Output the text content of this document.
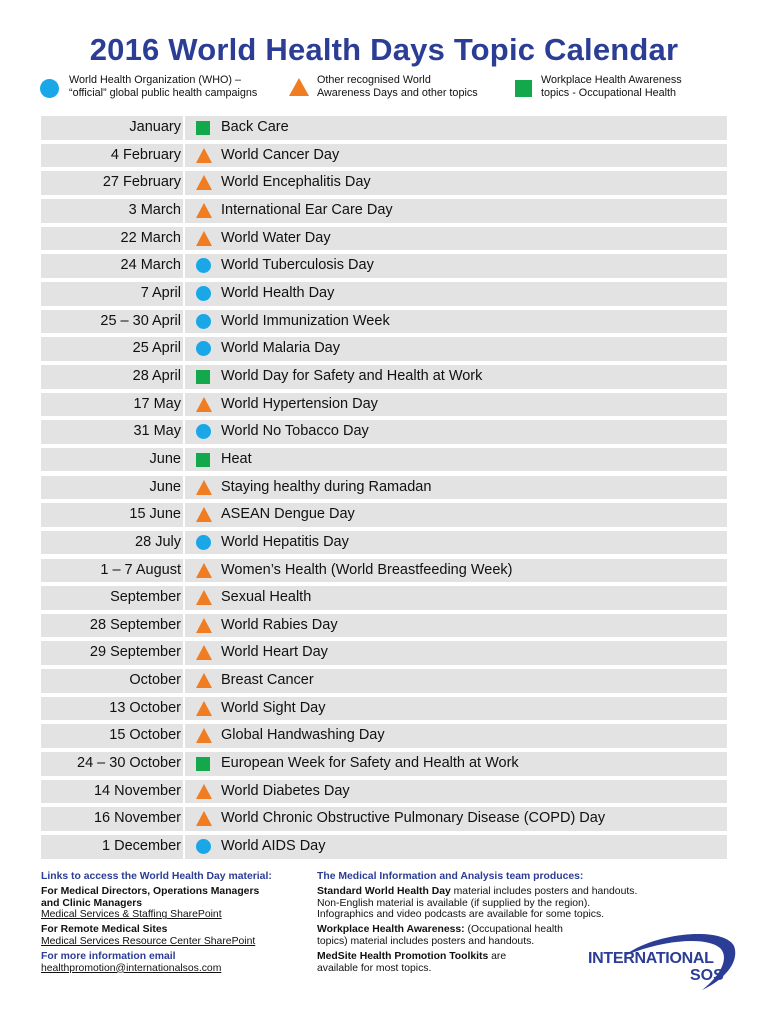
2016 World Health Days Topic Calendar
World Health Organization (WHO) –
“official” global public health campaigns
Other recognised World
Awareness Days and other topics
Workplace Health Awareness
topics - Occupational Health
January	Back Care
4 February	World Cancer Day
27 February	World Encephalitis Day
3 March	International Ear Care Day
22 March	World Water Day
24 March	World Tuberculosis Day
7 April	World Health Day
25 – 30 April	World Immunization Week
25 April	World Malaria Day
28 April	World Day for Safety and Health at Work
17 May	World Hypertension Day
31 May	World No Tobacco Day
June	Heat
June	Staying healthy during Ramadan
15 June	ASEAN Dengue Day
28 July	World Hepatitis Day
1 – 7 August	Women’s Health (World Breastfeeding Week)
September	Sexual Health
28 September	World Rabies Day
29 September	World Heart Day
October	Breast Cancer
13 October	World Sight Day
15 October	Global Handwashing Day
24 – 30 October	European Week for Safety and Health at Work
14 November	World Diabetes Day
16 November	World Chronic Obstructive Pulmonary Disease (COPD) Day
1 December	World AIDS Day
Links to access the World Health Day material:
For Medical Directors, Operations Managers
and Clinic Managers
Medical Services & Staffing SharePoint
For Remote Medical Sites
Medical Services Resource Center SharePoint
For more information email
healthpromotion@internationalsos.com
The Medical Information and Analysis team produces:
Standard World Health Day material includes posters and handouts.
Non-English material is available (if supplied by the region).
Infographics and video podcasts are available for some topics.
Workplace Health Awareness: (Occupational health
topics) material includes posters and handouts.
MedSite Health Promotion Toolkits are
available for most topics.
INTERNATIONAL
SOS
